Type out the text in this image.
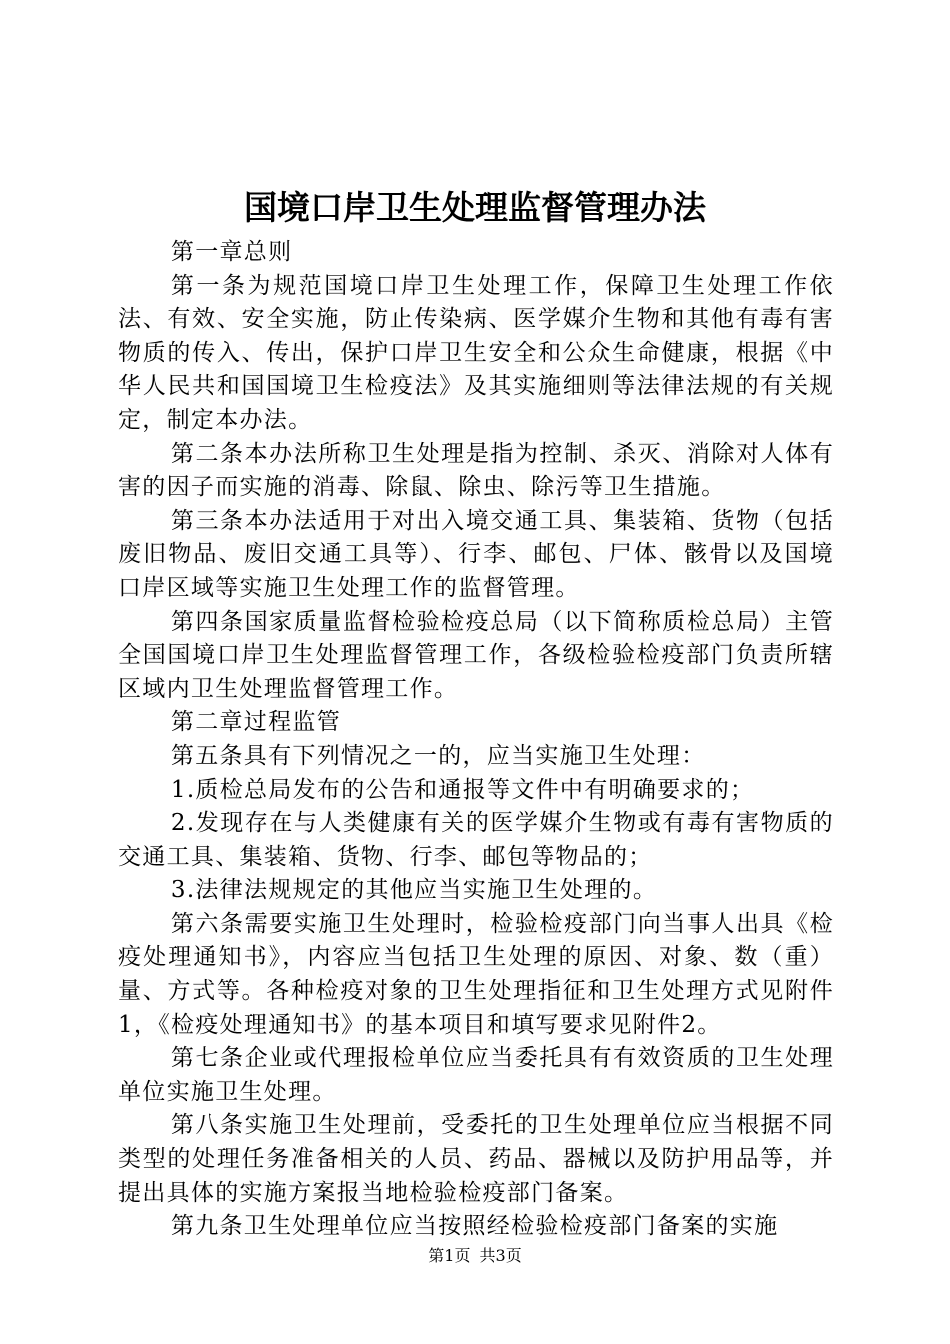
国境口岸卫生处理监督管理办法

第一章总则

第一条为规范国境口岸卫生处理工作，保障卫生处理工作依法、有效、安全实施，防止传染病、医学媒介生物和其他有毒有害物质的传入、传出，保护口岸卫生安全和公众生命健康，根据《中华人民共和国国境卫生检疫法》及其实施细则等法律法规的有关规定，制定本办法。

第二条本办法所称卫生处理是指为控制、杀灭、消除对人体有害的因子而实施的消毒、除鼠、除虫、除污等卫生措施。

第三条本办法适用于对出入境交通工具、集装箱、货物（包括废旧物品、废旧交通工具等）、行李、邮包、尸体、骸骨以及国境口岸区域等实施卫生处理工作的监督管理。

第四条国家质量监督检验检疫总局（以下简称质检总局）主管全国国境口岸卫生处理监督管理工作，各级检验检疫部门负责所辖区域内卫生处理监督管理工作。

第二章过程监管

第五条具有下列情况之一的，应当实施卫生处理：

1.质检总局发布的公告和通报等文件中有明确要求的；

2.发现存在与人类健康有关的医学媒介生物或有毒有害物质的交通工具、集装箱、货物、行李、邮包等物品的；

3.法律法规规定的其他应当实施卫生处理的。

第六条需要实施卫生处理时，检验检疫部门向当事人出具《检疫处理通知书》，内容应当包括卫生处理的原因、对象、数（重）量、方式等。各种检疫对象的卫生处理指征和卫生处理方式见附件1，《检疫处理通知书》的基本项目和填写要求见附件2。

第七条企业或代理报检单位应当委托具有有效资质的卫生处理单位实施卫生处理。

第八条实施卫生处理前，受委托的卫生处理单位应当根据不同类型的处理任务准备相关的人员、药品、器械以及防护用品等，并提出具体的实施方案报当地检验检疫部门备案。

第九条卫生处理单位应当按照经检验检疫部门备案的实施

第1页 共3页
